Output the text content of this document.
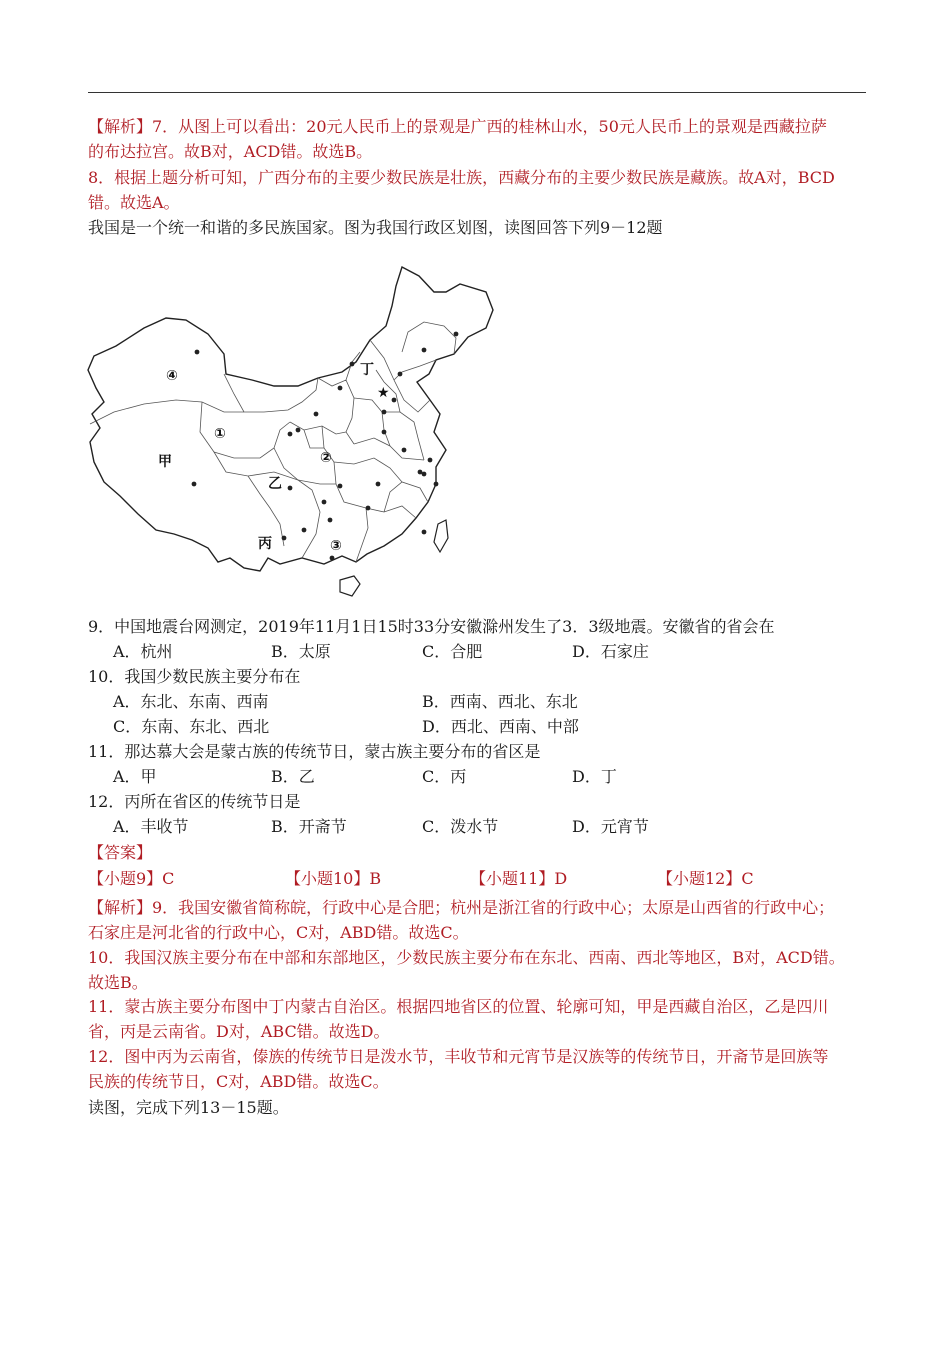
【解析】7．从图上可以看出：20元人民币上的景观是广西的桂林山水，50元人民币上的景观是西藏拉萨
的布达拉宫。故B对，ACD错。故选B。
8．根据上题分析可知，广西分布的主要少数民族是壮族，西藏分布的主要少数民族是藏族。故A对，BCD
错。故选A。
我国是一个统一和谐的多民族国家。图为我国行政区划图，读图回答下列9－12题
④
①
甲
乙
②
丁
丙	③
★
9．中国地震台网测定，2019年11月1日15时33分安徽滁州发生了3．3级地震。安徽省的省会在
A．杭州	B．太原	C．合肥	D．石家庄
10．我国少数民族主要分布在
A．东北、东南、西南	B．西南、西北、东北
C．东南、东北、西北	D．西北、西南、中部
11．那达慕大会是蒙古族的传统节日，蒙古族主要分布的省区是
A．甲	B．乙	C．丙	D．丁
12．丙所在省区的传统节日是
A．丰收节	B．开斋节	C．泼水节	D．元宵节
【答案】
【小题9】C	【小题10】B	【小题11】D	【小题12】C
【解析】9．我国安徽省简称皖，行政中心是合肥；杭州是浙江省的行政中心；太原是山西省的行政中心；
石家庄是河北省的行政中心，C对，ABD错。故选C。
10．我国汉族主要分布在中部和东部地区，少数民族主要分布在东北、西南、西北等地区，B对，ACD错。
故选B。
11．蒙古族主要分布图中丁内蒙古自治区。根据四地省区的位置、轮廓可知，甲是西藏自治区，乙是四川
省，丙是云南省。D对，ABC错。故选D。
12．图中丙为云南省，傣族的传统节日是泼水节，丰收节和元宵节是汉族等的传统节日，开斋节是回族等
民族的传统节日，C对，ABD错。故选C。
读图，完成下列13－15题。
